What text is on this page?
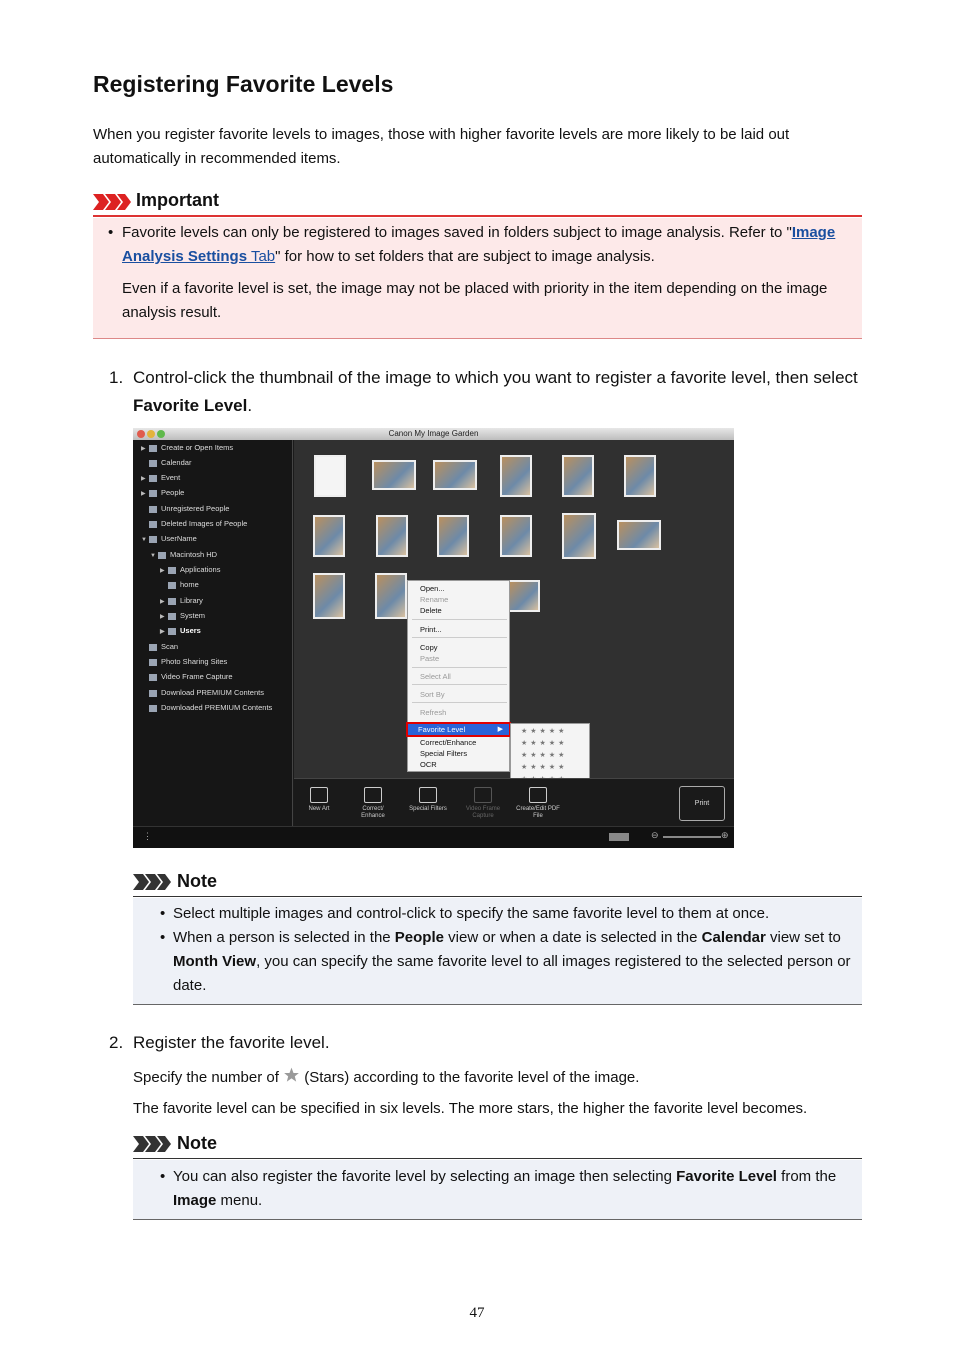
Registering Favorite Levels
When you register favorite levels to images, those with higher favorite levels are more likely to be laid out automatically in recommended items.
Important
• Favorite levels can only be registered to images saved in folders subject to image analysis. Refer to "Image Analysis Settings Tab" for how to set folders that are subject to image analysis.
Even if a favorite level is set, the image may not be placed with priority in the item depending on the image analysis result.
1. Control-click the thumbnail of the image to which you want to register a favorite level, then select Favorite Level.
Canon My Image Garden
▶ Create or Open Items
Calendar
▶ Event
▶ People
Unregistered People
Deleted Images of People
▼ UserName
▼ Macintosh HD
▶ Applications
home
▶ Library
▶ System
▶ Users
Scan
Photo Sharing Sites
Video Frame Capture
Download PREMIUM Contents
Downloaded PREMIUM Contents
Open...
Rename
Delete
Print...
Copy
Paste
Select All
Sort By
Refresh
Favorite Level	▶
Correct/Enhance
Special Filters
OCR
★★★★★
★★★★★
★★★★★
★★★★★
New Art	Correct/ Enhance
Special Filters	Video Frame Capture
Create/Edit PDF File
Print
⋮	⊖	⊕
Note
• Select multiple images and control-click to specify the same favorite level to them at once.
• When a person is selected in the People view or when a date is selected in the Calendar view set to Month View, you can specify the same favorite level to all images registered to the selected person or date.
2. Register the favorite level.
Specify the number of  (Stars) according to the favorite level of the image.
The favorite level can be specified in six levels. The more stars, the higher the favorite level becomes.
Note
• You can also register the favorite level by selecting an image then selecting Favorite Level from the Image menu.
47
